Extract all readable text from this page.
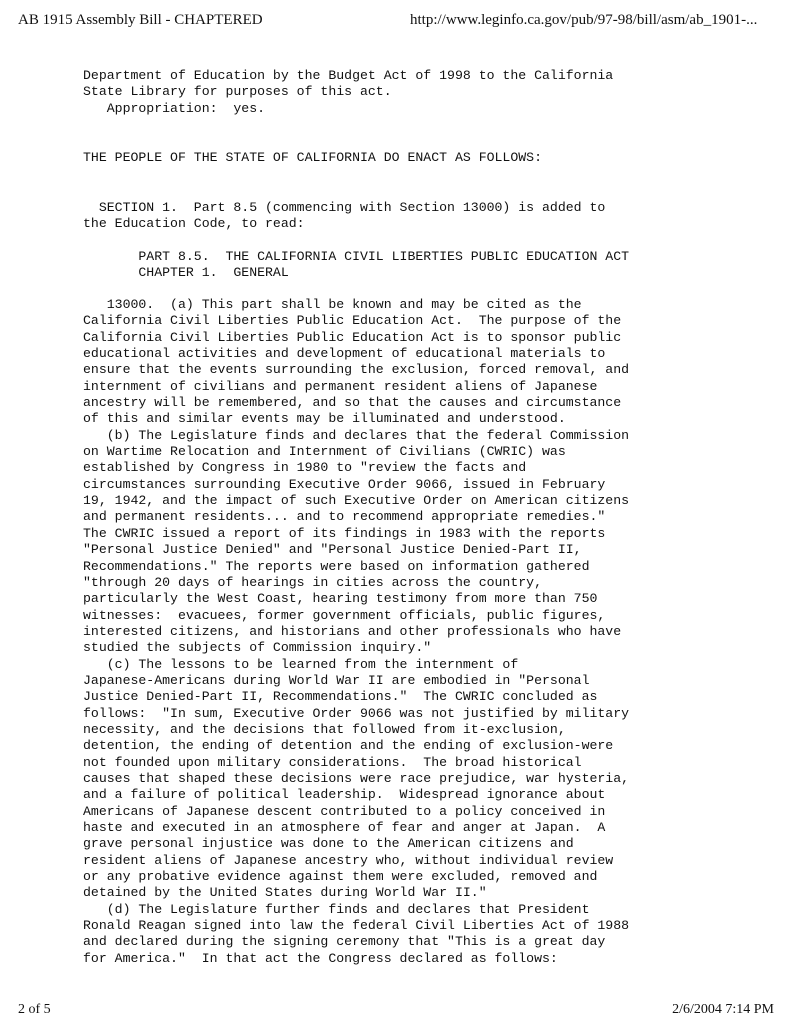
AB 1915 Assembly Bill - CHAPTERED	http://www.leginfo.ca.gov/pub/97-98/bill/asm/ab_1901-...
Department of Education by the Budget Act of 1998 to the California
State Library for purposes of this act.
Appropriation:  yes.
THE PEOPLE OF THE STATE OF CALIFORNIA DO ENACT AS FOLLOWS:
SECTION 1.  Part 8.5 (commencing with Section 13000) is added to
the Education Code, to read:
PART 8.5.  THE CALIFORNIA CIVIL LIBERTIES PUBLIC EDUCATION ACT
CHAPTER 1.  GENERAL
13000.  (a) This part shall be known and may be cited as the
California Civil Liberties Public Education Act.  The purpose of the
California Civil Liberties Public Education Act is to sponsor public
educational activities and development of educational materials to
ensure that the events surrounding the exclusion, forced removal, and
internment of civilians and permanent resident aliens of Japanese
ancestry will be remembered, and so that the causes and circumstance
of this and similar events may be illuminated and understood.
(b) The Legislature finds and declares that the federal Commission
on Wartime Relocation and Internment of Civilians (CWRIC) was
established by Congress in 1980 to "review the facts and
circumstances surrounding Executive Order 9066, issued in February
19, 1942, and the impact of such Executive Order on American citizens
and permanent residents... and to recommend appropriate remedies."
The CWRIC issued a report of its findings in 1983 with the reports
"Personal Justice Denied" and "Personal Justice Denied-Part II,
Recommendations." The reports were based on information gathered
"through 20 days of hearings in cities across the country,
particularly the West Coast, hearing testimony from more than 750
witnesses:  evacuees, former government officials, public figures,
interested citizens, and historians and other professionals who have
studied the subjects of Commission inquiry."
(c) The lessons to be learned from the internment of
Japanese-Americans during World War II are embodied in "Personal
Justice Denied-Part II, Recommendations."  The CWRIC concluded as
follows:  "In sum, Executive Order 9066 was not justified by military
necessity, and the decisions that followed from it-exclusion,
detention, the ending of detention and the ending of exclusion-were
not founded upon military considerations.  The broad historical
causes that shaped these decisions were race prejudice, war hysteria,
and a failure of political leadership.  Widespread ignorance about
Americans of Japanese descent contributed to a policy conceived in
haste and executed in an atmosphere of fear and anger at Japan.  A
grave personal injustice was done to the American citizens and
resident aliens of Japanese ancestry who, without individual review
or any probative evidence against them were excluded, removed and
detained by the United States during World War II."
(d) The Legislature further finds and declares that President
Ronald Reagan signed into law the federal Civil Liberties Act of 1988
and declared during the signing ceremony that "This is a great day
for America."  In that act the Congress declared as follows:
2 of 5	2/6/2004 7:14 PM
